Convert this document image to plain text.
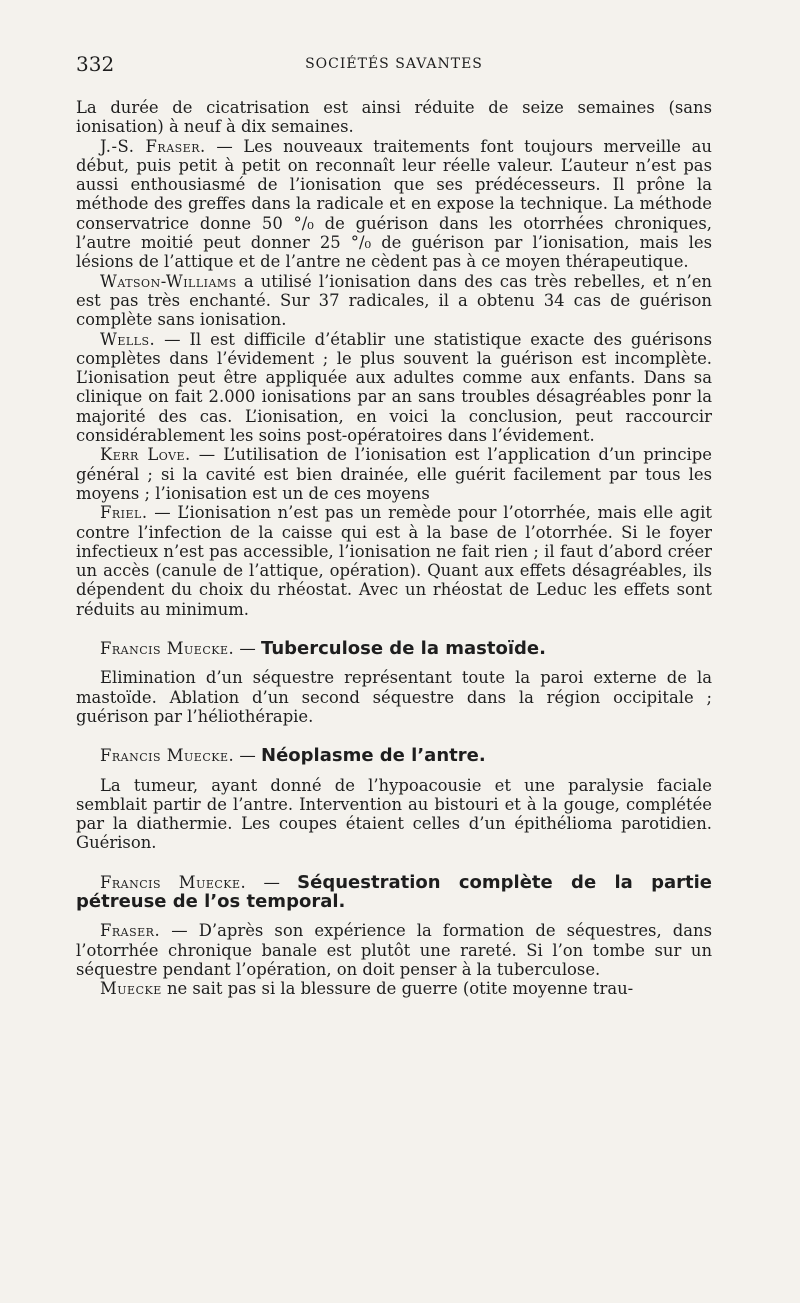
332	SOCIÉTÉS SAVANTES

La durée de cicatrisation est ainsi réduite de seize semaines (sans ionisation) à neuf à dix semaines.

J.-S. Fraser. — Les nouveaux traitements font toujours merveille au début, puis petit à petit on reconnaît leur réelle valeur. L’auteur n’est pas aussi enthousiasmé de l’ionisation que ses prédécesseurs. Il prône la méthode des greffes dans la radicale et en expose la technique. La méthode conservatrice donne 50 °/₀ de guérison dans les otorrhées chroniques, l’autre moitié peut donner 25 °/₀ de guérison par l’ionisation, mais les lésions de l’attique et de l’antre ne cèdent pas à ce moyen thérapeutique.

Watson-Williams a utilisé l’ionisation dans des cas très rebelles, et n’en est pas très enchanté. Sur 37 radicales, il a obtenu 34 cas de guérison complète sans ionisation.

Wells. — Il est difficile d’établir une statistique exacte des guérisons complètes dans l’évidement ; le plus souvent la guérison est incomplète. L’ionisation peut être appliquée aux adultes comme aux enfants. Dans sa clinique on fait 2.000 ionisations par an sans troubles désagréables ponr la majorité des cas. L’ionisation, en voici la conclusion, peut raccourcir considérablement les soins post-opératoires dans l’évidement.

Kerr Love. — L’utilisation de l’ionisation est l’application d’un principe général ; si la cavité est bien drainée, elle guérit facilement par tous les moyens ; l’ionisation est un de ces moyens

Friel. — L’ionisation n’est pas un remède pour l’otorrhée, mais elle agit contre l’infection de la caisse qui est à la base de l’otorrhée. Si le foyer infectieux n’est pas accessible, l’ionisation ne fait rien ; il faut d’abord créer un accès (canule de l’attique, opération). Quant aux effets désagréables, ils dépendent du choix du rhéostat. Avec un rhéostat de Leduc les effets sont réduits au minimum.

Francis Muecke. — Tuberculose de la mastoïde.

Elimination d’un séquestre représentant toute la paroi externe de la mastoïde. Ablation d’un second séquestre dans la région occipitale ; guérison par l’héliothérapie.

Francis Muecke. — Néoplasme de l’antre.

La tumeur, ayant donné de l’hypoacousie et une paralysie faciale semblait partir de l’antre. Intervention au bistouri et à la gouge, complétée par la diathermie. Les coupes étaient celles d’un épithélioma parotidien. Guérison.

Francis Muecke. — Séquestration complète de la partie pétreuse de l’os temporal.

Fraser. — D’après son expérience la formation de séquestres, dans l’otorrhée chronique banale est plutôt une rareté. Si l’on tombe sur un séquestre pendant l’opération, on doit penser à la tuberculose.

Muecke ne sait pas si la blessure de guerre (otite moyenne trau-
